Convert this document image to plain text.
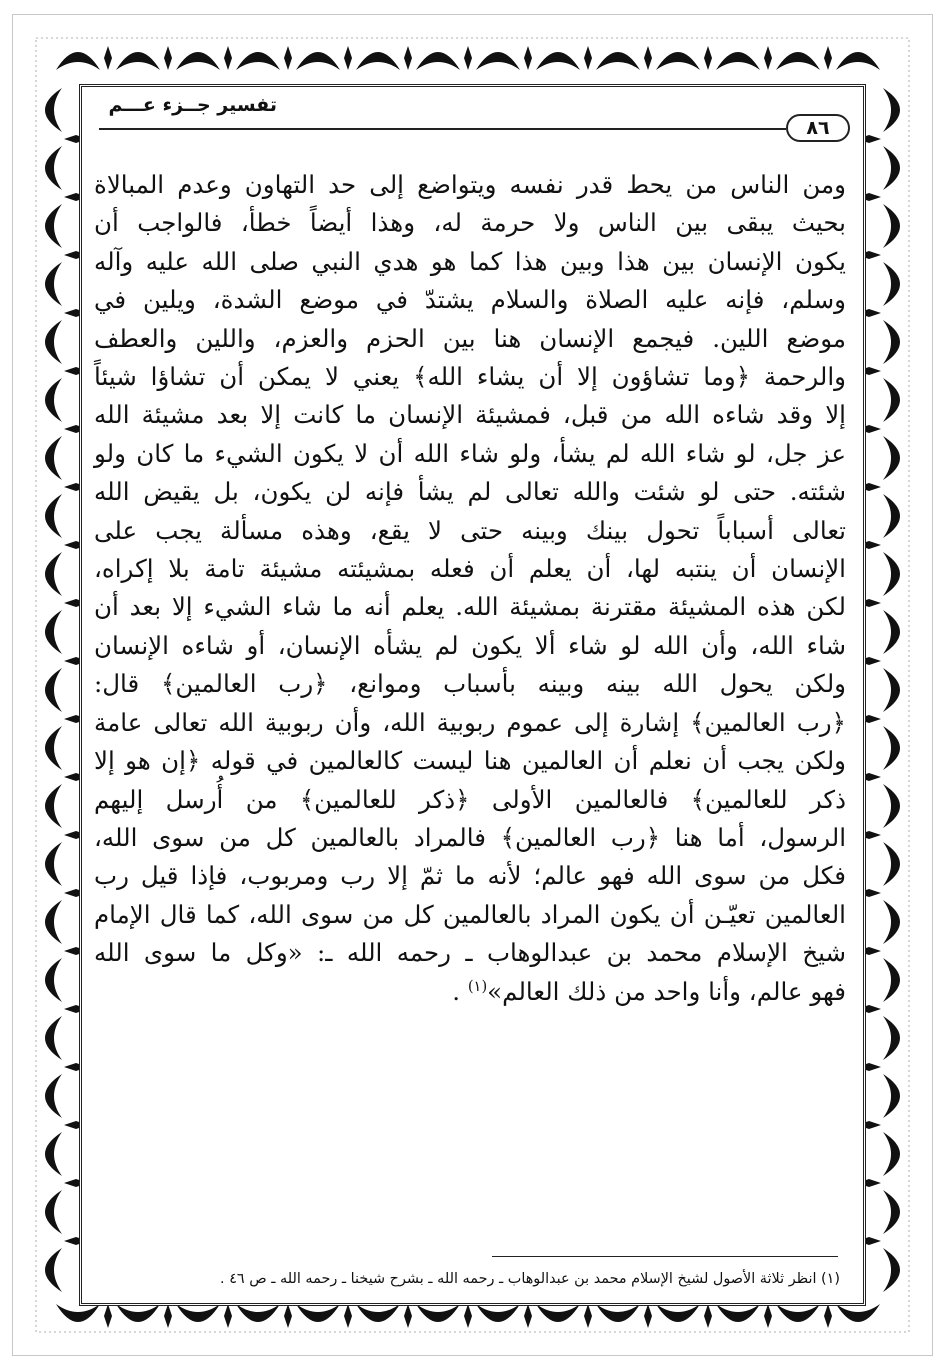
تفسير جــزء عـــم
٨٦
ومن الناس من يحط قدر نفسه ويتواضع إلى حد التهاون وعدم المبالاة
بحيث يبقى بين الناس ولا حرمة له، وهذا أيضاً خطأ، فالواجب أن
يكون الإنسان بين هذا وبين هذا كما هو هدي النبي صلى الله عليه وآله
وسلم، فإنه عليه الصلاة والسلام يشتدّ في موضع الشدة، ويلين في
موضع اللين. فيجمع الإنسان هنا بين الحزم والعزم، واللين والعطف
والرحمة ﴿وما تشاؤون إلا أن يشاء الله﴾ يعني لا يمكن أن تشاؤا شيئاً
إلا وقد شاءه الله من قبل، فمشيئة الإنسان ما كانت إلا بعد مشيئة الله
عز جل، لو شاء الله لم يشأ، ولو شاء الله أن لا يكون الشيء ما كان ولو
شئته. حتى لو شئت والله تعالى لم يشأ فإنه لن يكون، بل يقيض الله
تعالى أسباباً تحول بينك وبينه حتى لا يقع، وهذه مسألة يجب على
الإنسان أن ينتبه لها، أن يعلم أن فعله بمشيئته مشيئة تامة بلا إكراه،
لكن هذه المشيئة مقترنة بمشيئة الله. يعلم أنه ما شاء الشيء إلا بعد أن
شاء الله، وأن الله لو شاء ألا يكون لم يشأه الإنسان، أو شاءه الإنسان
ولكن يحول الله بينه وبينه بأسباب وموانع، ﴿رب العالمين﴾ قال:
﴿رب العالمين﴾ إشارة إلى عموم ربوبية الله، وأن ربوبية الله تعالى عامة
ولكن يجب أن نعلم أن العالمين هنا ليست كالعالمين في قوله ﴿إن هو إلا
ذكر للعالمين﴾ فالعالمين الأولى ﴿ذكر للعالمين﴾ من أُرسل إليهم
الرسول، أما هنا ﴿رب العالمين﴾ فالمراد بالعالمين كل من سوى الله،
فكل من سوى الله فهو عالم؛ لأنه ما ثمّ إلا رب ومربوب، فإذا قيل رب
العالمين تعيّـن أن يكون المراد بالعالمين كل من سوى الله، كما قال الإمام
شيخ الإسلام محمد بن عبدالوهاب ـ رحمه الله ـ: «وكل ما سوى الله
فهو عالم، وأنا واحد من ذلك العالم»$^{(١)}$ .
(١) انظر ثلاثة الأصول لشيخ الإسلام محمد بن عبدالوهاب ـ رحمه الله ـ بشرح شيخنا ـ رحمه الله ـ ص ٤٦ .
